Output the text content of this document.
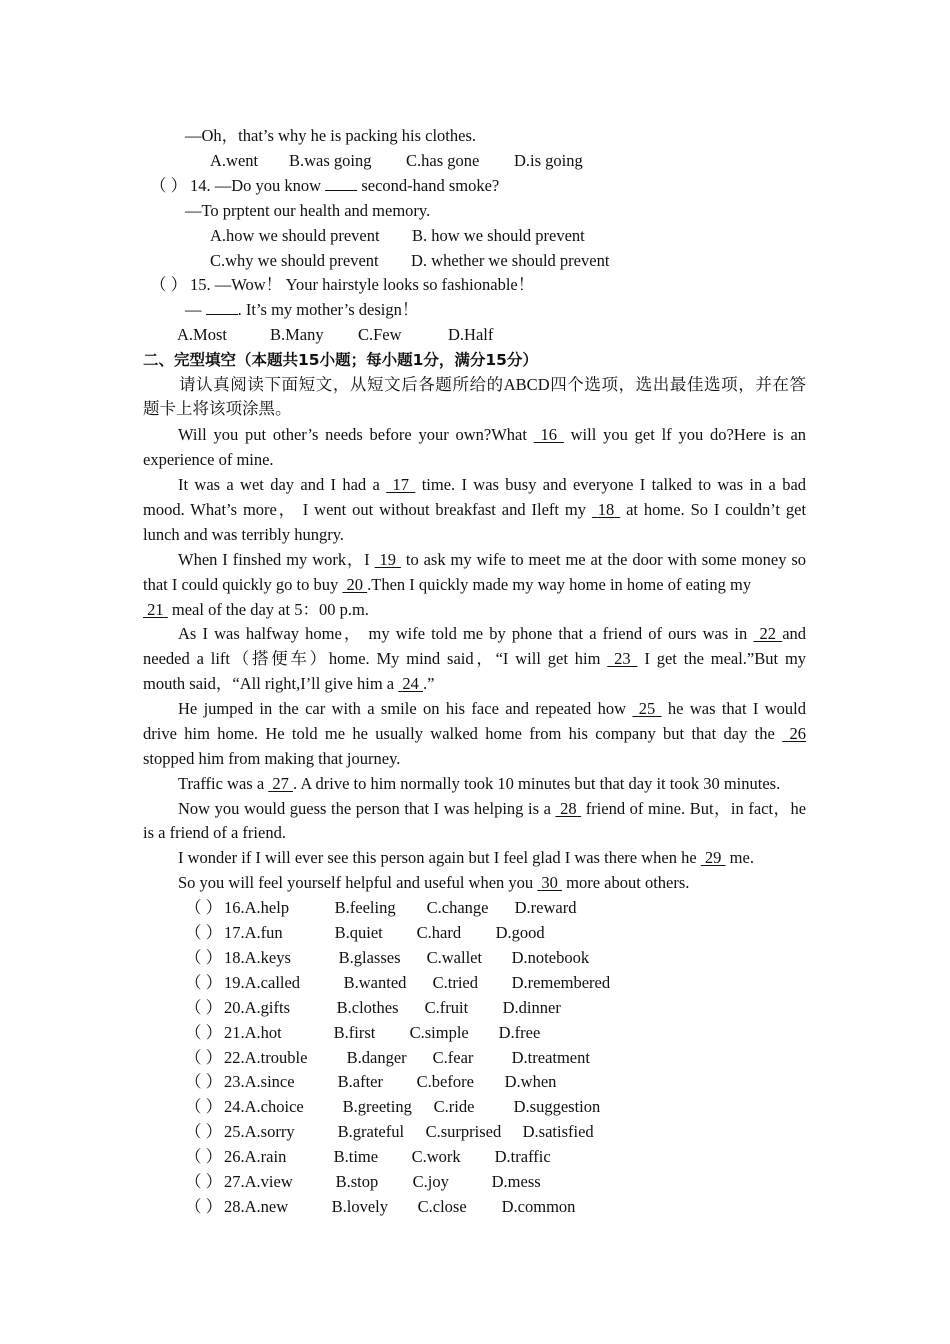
—Oh，that’s why he is packing his clothes.
A.went B.was going C.has gone D.is going
（ ） 14. —Do you know second-hand smoke?
—To prptent our health and memory.
A.how we should prevent B. how we should prevent
C.why we should prevent D. whether we should prevent
（ ） 15. —Wow！ Your hairstyle looks so fashionable！
— . It’s my mother’s design！
A.Most	B.Many C.Few	D.Half
二、完型填空（本题共15小题；每小题1分，满分15分）
请认真阅读下面短文，从短文后各题所给的ABCD四个选项，选出最佳选项，并在答
题卡上将该项涂黑。
Will you put other’s needs before your own?What 16 will you get lf you do?Here is an
experience of mine.
It was a wet day and I had a 17 time. I was busy and everyone I talked to was in a bad
mood. What’s more， I went out without breakfast and Ileft my 18 at home. So I couldn’t get
lunch and was terribly hungry.
When I finshed my work，I 19 to ask my wife to meet me at the door with some money so
that I could quickly go to buy 20 .Then I quickly made my way home in home of eating my
21 meal of the day at 5：00 p.m.
As I was halfway home， my wife told me by phone that a friend of ours was in 22 and
needed a lift（搭便车）home. My mind said，“I will get him 23 I get the meal.”But my
mouth said，“All right,I’ll give him a 24 .”
He jumped in the car with a smile on his face and repeated how 25 he was that I would
drive him home. He told me he usually walked home from his company but that day the 26
stopped him from making that journey.
Traffic was a 27 . A drive to him normally took 10 minutes but that day it took 30 minutes.
Now you would guess the person that I was helping is a 28 friend of mine. But，in fact，he
is a friend of a friend.
I wonder if I will ever see this person again but I feel glad I was there when he 29 me.
So you will feel yourself helpful and useful when you 30 more about others.
（ ） 16.A.help	B.feeling C.change D.reward
（ ） 17.A.fun	B.quiet C.hard D.good
（ ） 18.A.keys	B.glasses C.wallet D.notebook
（ ） 19.A.called	B.wanted C.tried D.remembered
（ ） 20.A.gifts	B.clothes C.fruit D.dinner
（ ） 21.A.hot	B.first C.simple D.free
（ ） 22.A.trouble B.danger C.fear D.treatment
（ ） 23.A.since	B.after C.before D.when
（ ） 24.A.choice B.greeting C.ride D.suggestion
（ ） 25.A.sorry	B.grateful C.surprised D.satisfied
（ ） 26.A.rain	B.time C.work D.traffic
（ ） 27.A.view	B.stop C.joy	D.mess
（ ） 28.A.new	B.lovely C.close D.common
